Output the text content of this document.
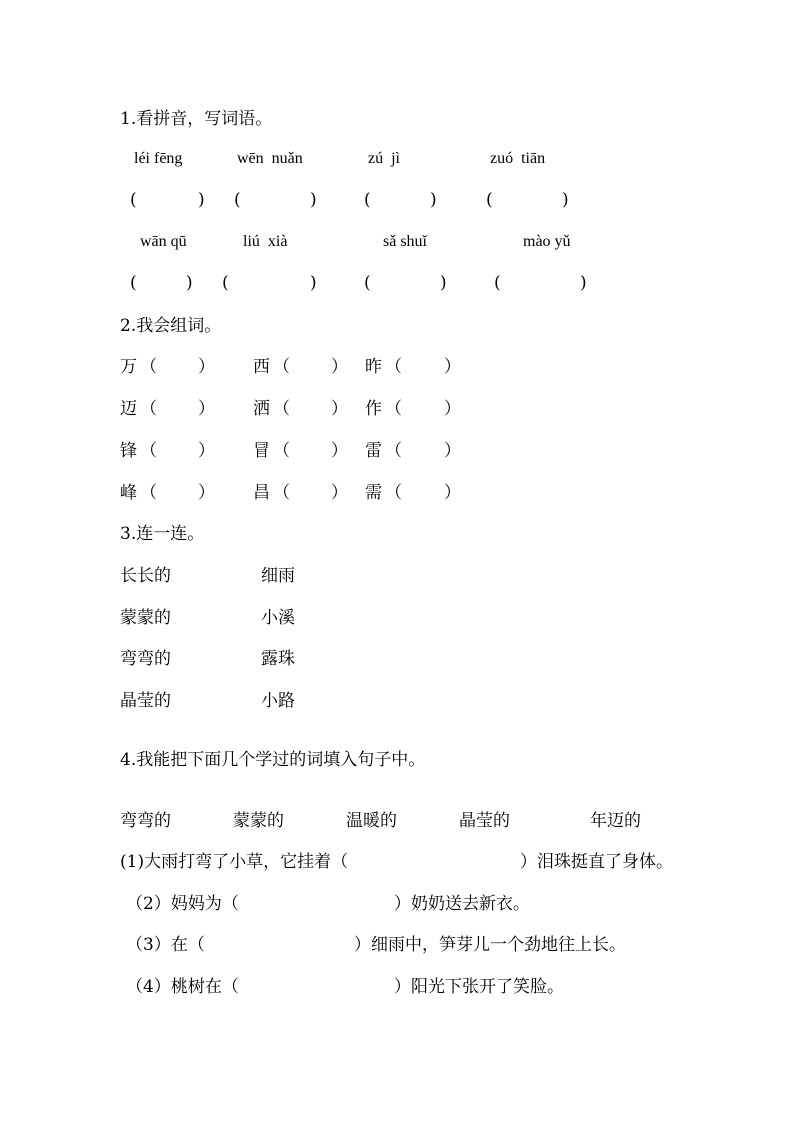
1.看拼音，写词语。
léi fēng	wēn  nuǎn	zú  jì	zuó  tiān
(	) (	)	(	)	(	)
wān qū	liú  xià	sǎ shuǐ	mào yǔ
(	) (	)	(	)	(	)
2.我会组词。
万 （ ） 西 （ ） 昨 （ ）
迈 （ ） 洒 （ ） 作 （ ）
锋 （ ） 冒 （ ） 雷 （ ）
峰 （ ） 昌 （ ） 需 （ ）
3.连一连。
长长的	细雨
蒙蒙的	小溪
弯弯的	露珠
晶莹的	小路
4.我能把下面几个学过的词填入句子中。
弯弯的	蒙蒙的	温暖的	晶莹的	年迈的
(1)大雨打弯了小草，它挂着（	）泪珠挺直了身体。
（2）妈妈为（	）奶奶送去新衣。
（3）在（	）细雨中，笋芽儿一个劲地往上长。
（4）桃树在（	）阳光下张开了笑脸。
